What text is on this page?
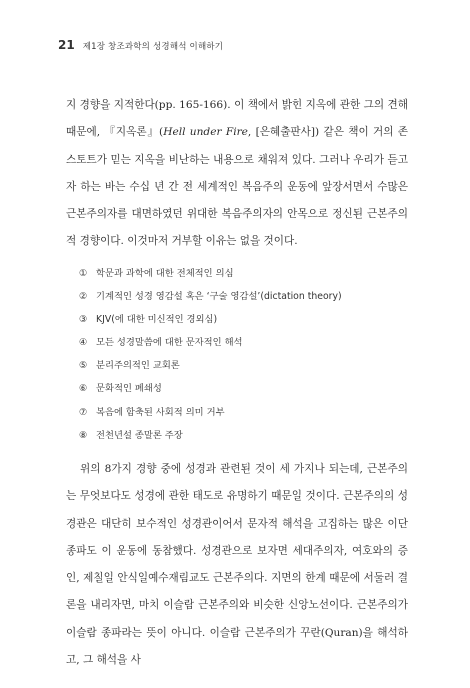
21 제1장 창조과학의 성경해석 이해하기

지 경향을 지적한다(pp. 165-166). 이 책에서 밝힌 지옥에 관한 그의 견해 때문에, 『지옥론』(Hell under Fire, [은혜출판사]) 같은 책이 거의 존 스토트가 믿는 지옥을 비난하는 내용으로 채워져 있다. 그러나 우리가 듣고자 하는 바는 수십 년 간 전 세계적인 복음주의 운동에 앞장서면서 수많은 근본주의자를 대면하였던 위대한 복음주의자의 안목으로 정신된 근본주의적 경향이다. 이것마저 거부할 이유는 없을 것이다.

① 학문과 과학에 대한 전체적인 의심
② 기계적인 성경 영감설 혹은 ‘구술 영감설’(dictation theory)
③ KJV(에 대한 미신적인 경외심)
④ 모든 성경말씀에 대한 문자적인 해석
⑤ 분리주의적인 교회론
⑥ 문화적인 폐쇄성
⑦ 복음에 함축된 사회적 의미 거부
⑧ 전천년설 종말론 주장

위의 8가지 경향 중에 성경과 관련된 것이 세 가지나 되는데, 근본주의는 무엇보다도 성경에 관한 태도로 유명하기 때문일 것이다. 근본주의의 성경관은 대단히 보수적인 성경관이어서 문자적 해석을 고집하는 많은 이단종파도 이 운동에 동참했다. 성경관으로 보자면 세대주의자, 여호와의 증인, 제칠일 안식일예수재림교도 근본주의다. 지면의 한계 때문에 서둘러 결론을 내리자면, 마치 이슬람 근본주의와 비슷한 신앙노선이다. 근본주의가 이슬람 종파라는 뜻이 아니다. 이슬람 근본주의가 꾸란(Quran)을 해석하고, 그 해석을 사
